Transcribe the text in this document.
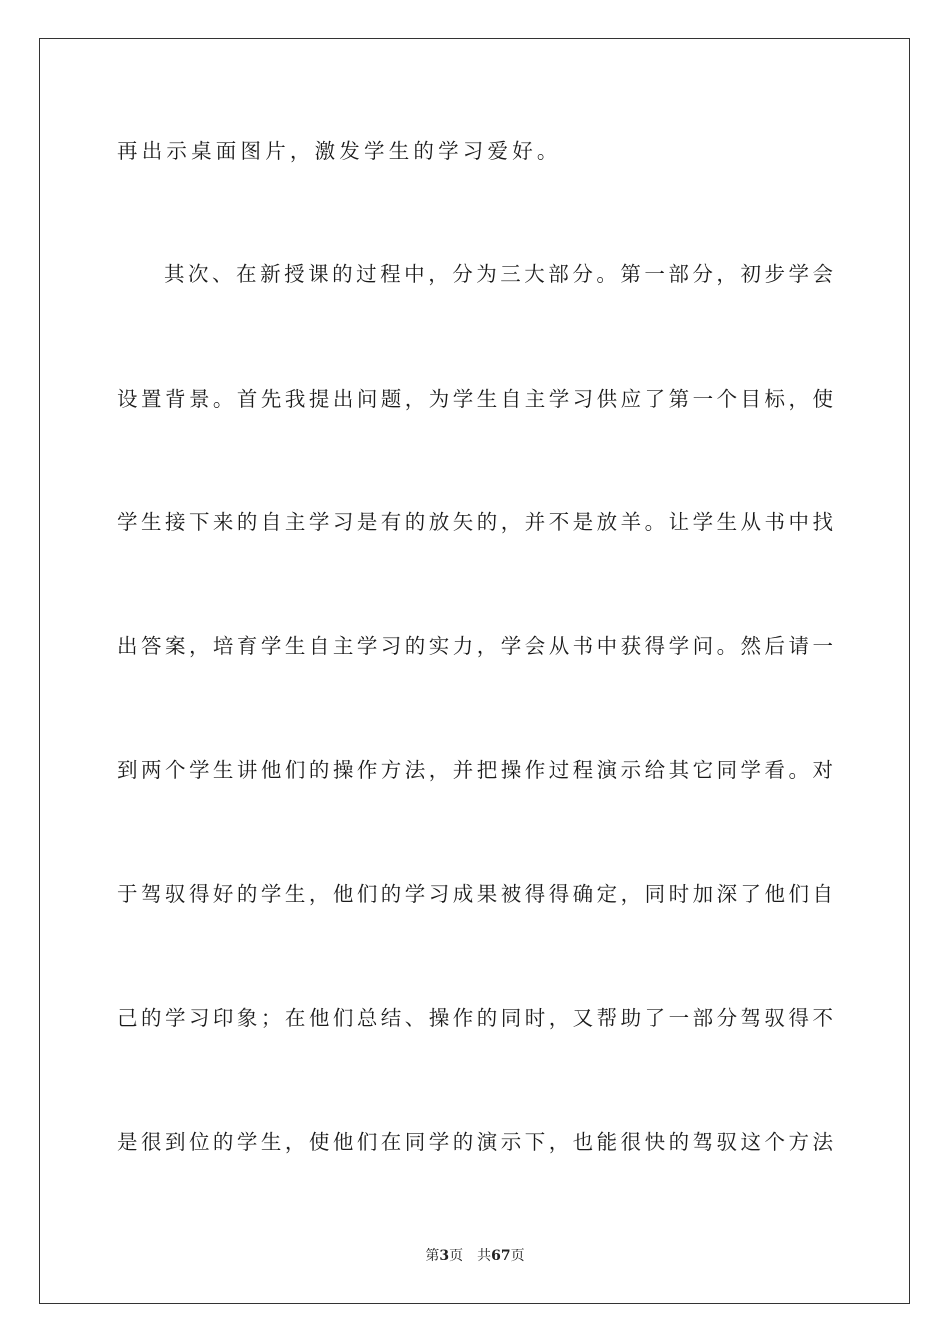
再出示桌面图片，激发学生的学习爱好。
其次、在新授课的过程中，分为三大部分。第一部分，初步学会
设置背景。首先我提出问题，为学生自主学习供应了第一个目标，使
学生接下来的自主学习是有的放矢的，并不是放羊。让学生从书中找
出答案，培育学生自主学习的实力，学会从书中获得学问。然后请一
到两个学生讲他们的操作方法，并把操作过程演示给其它同学看。对
于驾驭得好的学生，他们的学习成果被得得确定，同时加深了他们自
己的学习印象；在他们总结、操作的同时，又帮助了一部分驾驭得不
是很到位的学生，使他们在同学的演示下，也能很快的驾驭这个方法
第3页 共67页
